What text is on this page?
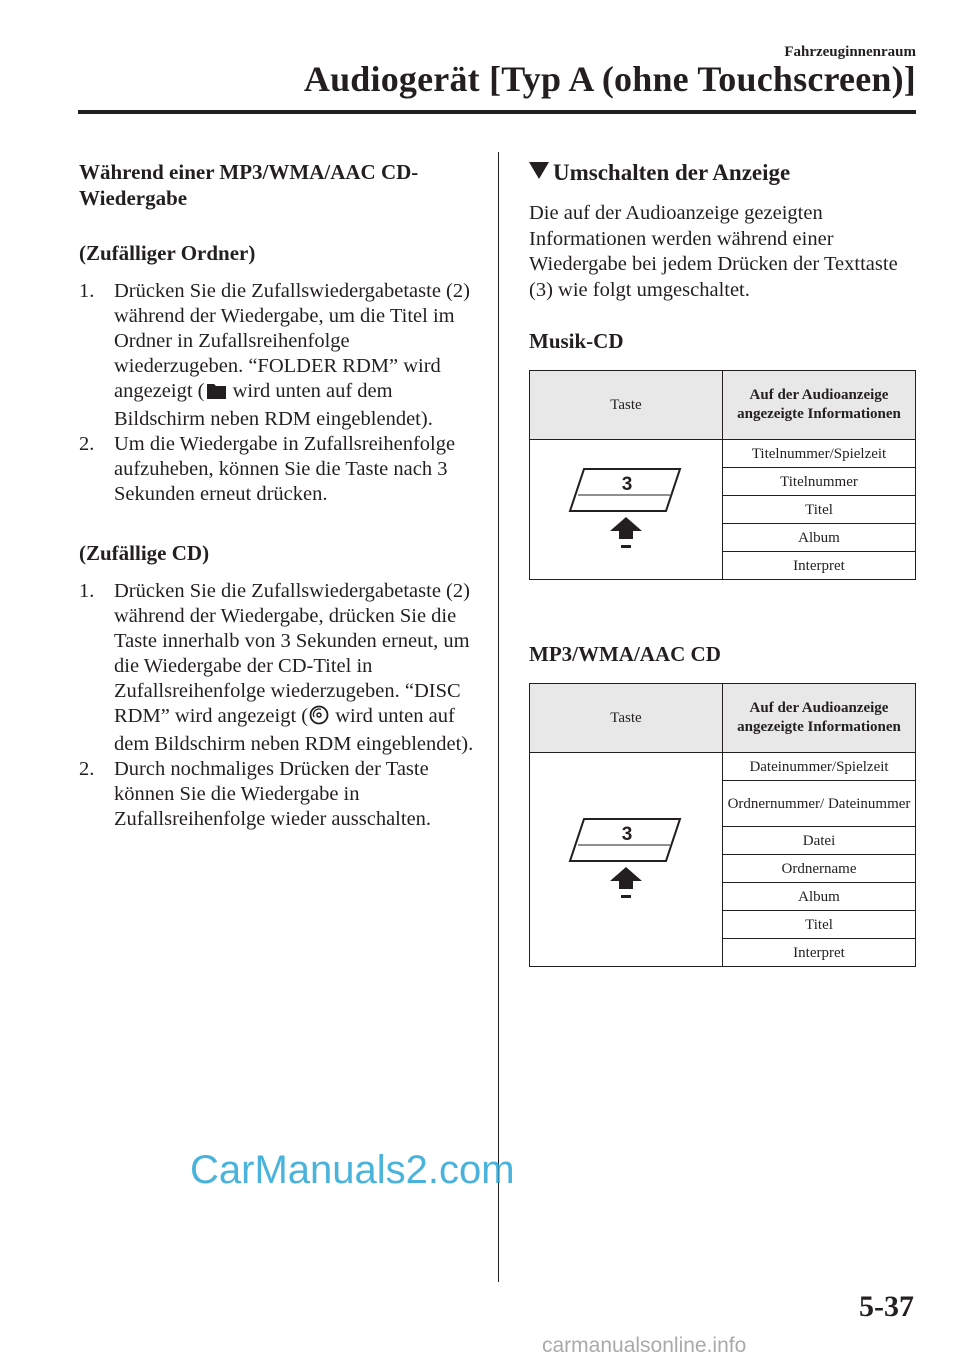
Fahrzeuginnenraum
Audiogerät [Typ A (ohne Touchscreen)]
Während einer MP3/WMA/AAC CD-Wiedergabe
(Zufälliger Ordner)
1. Drücken Sie die Zufallswiedergabetaste (2) während der Wiedergabe, um die Titel im Ordner in Zufallsreihenfolge wiederzugeben. “FOLDER RDM” wird angezeigt ( wird unten auf dem Bildschirm neben RDM eingeblendet).
2. Um die Wiedergabe in Zufallsreihenfolge aufzuheben, können Sie die Taste nach 3 Sekunden erneut drücken.
(Zufällige CD)
1. Drücken Sie die Zufallswiedergabetaste (2) während der Wiedergabe, drücken Sie die Taste innerhalb von 3 Sekunden erneut, um die Wiedergabe der CD-Titel in Zufallsreihenfolge wiederzugeben. “DISC RDM” wird angezeigt ( wird unten auf dem Bildschirm neben RDM eingeblendet).
2. Durch nochmaliges Drücken der Taste können Sie die Wiedergabe in Zufallsreihenfolge wieder ausschalten.
Umschalten der Anzeige
Die auf der Audioanzeige gezeigten Informationen werden während einer Wiedergabe bei jedem Drücken der Texttaste (3) wie folgt umgeschaltet.
Musik-CD
Taste	Auf der Audioanzeige angezeigte Informationen

3	Titelnummer/Spielzeit
	Titelnummer
	Titel
	Album
	Interpret
MP3/WMA/AAC CD
Taste	Auf der Audioanzeige angezeigte Informationen

3	Dateinummer/Spielzeit
	Ordnernummer/ Dateinummer
	Datei
	Ordnername
	Album
	Titel
	Interpret
CarManuals2.com
5-37
carmanualsonline.info
